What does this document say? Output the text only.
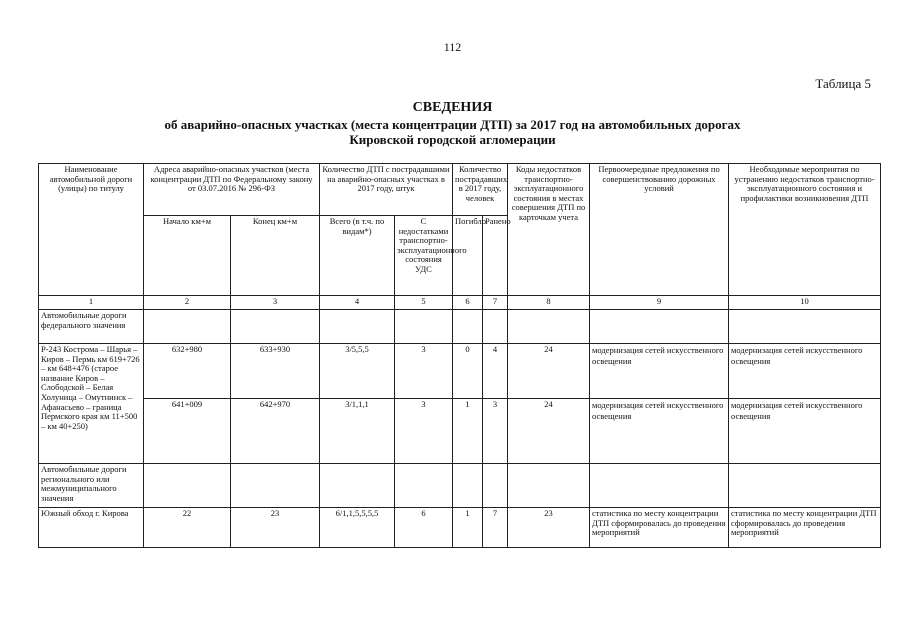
112
Таблица 5
СВЕДЕНИЯ
об аварийно-опасных участках (места концентрации ДТП) за 2017 год на автомобильных дорогах
Кировской городской агломерации
Наименование автомобильной дороги (улицы) по титулу	Адреса аварийно-опасных участков (места концентрации ДТП по Федеральному закону от 03.07.2016 № 296-ФЗ		Количество ДТП с пострадавшими на аварийно-опасных участках в 2017 году, штук		Количество пострадавших в 2017 году, человек		Коды недостатков транспортно-эксплуатационного состояния в местах совершения ДТП по карточкам учета	Первоочередные предложения по совершенствованию дорожных условий	Необходимые мероприятия по устранению недостатков транспортно-эксплуатационного состояния и профилактики возникновения ДТП
	Начало км+м	Конец км+м	Всего (в т.ч. по видам*)	С недостатками транспортно-эксплуатационного состояния УДС	Погибло	Ранено			
1	2	3	4	5	6	7	8	9	10
Автомобильные дороги федерального значения									
Р-243 Кострома – Шарья – Киров – Пермь км 619+726 – км 648+476 (старое название Киров – Слободской – Белая Холуница – Омутнинск – Афанасьево – граница Пермского края км 11+500 – км 40+250)	632+980	633+930	3/5,5,5	3	0	4	24	модернизация сетей искусственного освещения	модернизация сетей искусственного освещения
	641+009	642+970	3/1,1,1	3	1	3	24	модернизация сетей искусственного освещения	модернизация сетей искусственного освещения
Автомобильные дороги регионального или межмуниципального значения									
Южный обход г. Кирова	22	23	6/1,1,5,5,5,5	6	1	7	23	статистика по месту концентрации ДТП сформировалась до проведения мероприятий	статистика по месту концентрации ДТП сформировалась до проведения мероприятий
